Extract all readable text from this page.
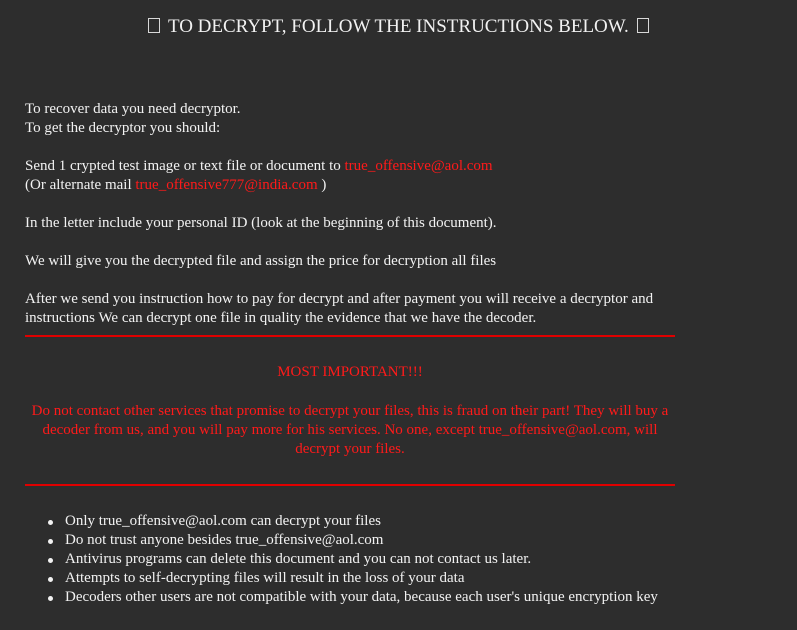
TO DECRYPT, FOLLOW THE INSTRUCTIONS BELOW.

To recover data you need decryptor.

To get the decryptor you should:

Send 1 crypted test image or text file or document to true_offensive@aol.com

(Or alternate mail true_offensive777@india.com )

In the letter include your personal ID (look at the beginning of this document).

We will give you the decrypted file and assign the price for decryption all files

After we send you instruction how to pay for decrypt and after payment you will receive a decryptor and

instructions We can decrypt one file in quality the evidence that we have the decoder.

MOST IMPORTANT!!!
Do not contact other services that promise to decrypt your files, this is fraud on their part! They will buy a
decoder from us, and you will pay more for his services. No one, except true_offensive@aol.com, will
decrypt your files.
Only true_offensive@aol.com can decrypt your files
Do not trust anyone besides true_offensive@aol.com
Antivirus programs can delete this document and you can not contact us later.
Attempts to self-decrypting files will result in the loss of your data
Decoders other users are not compatible with your data, because each user's unique encryption key
